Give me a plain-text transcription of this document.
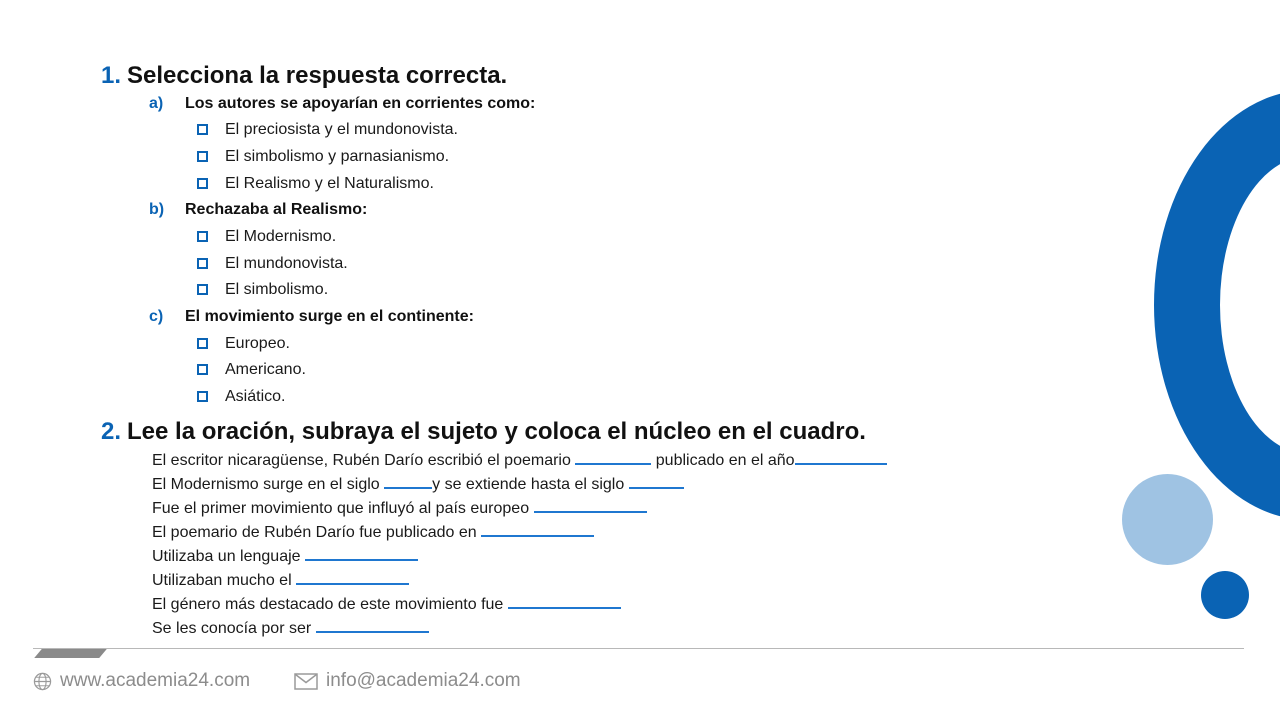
1. Selecciona la respuesta correcta.
a) Los autores se apoyarían en corrientes como:
El preciosista y el mundonovista.
El simbolismo y parnasianismo.
El Realismo y el Naturalismo.
b) Rechazaba al Realismo:
El Modernismo.
El mundonovista.
El simbolismo.
c) El movimiento surge en el continente:
Europeo.
Americano.
Asiático.
2. Lee la oración, subraya el sujeto y coloca el núcleo en el cuadro.
El escritor nicaragüense, Rubén Darío escribió el poemario	publicado en el año
El Modernismo surge en el siglo	y se extiende hasta el siglo
Fue el primer movimiento que influyó al país europeo
El poemario de Rubén Darío fue publicado en
Utilizaba un lenguaje
Utilizaban mucho el
El género más destacado de este movimiento fue
Se les conocía por ser
www.academia24.com	info@academia24.com
